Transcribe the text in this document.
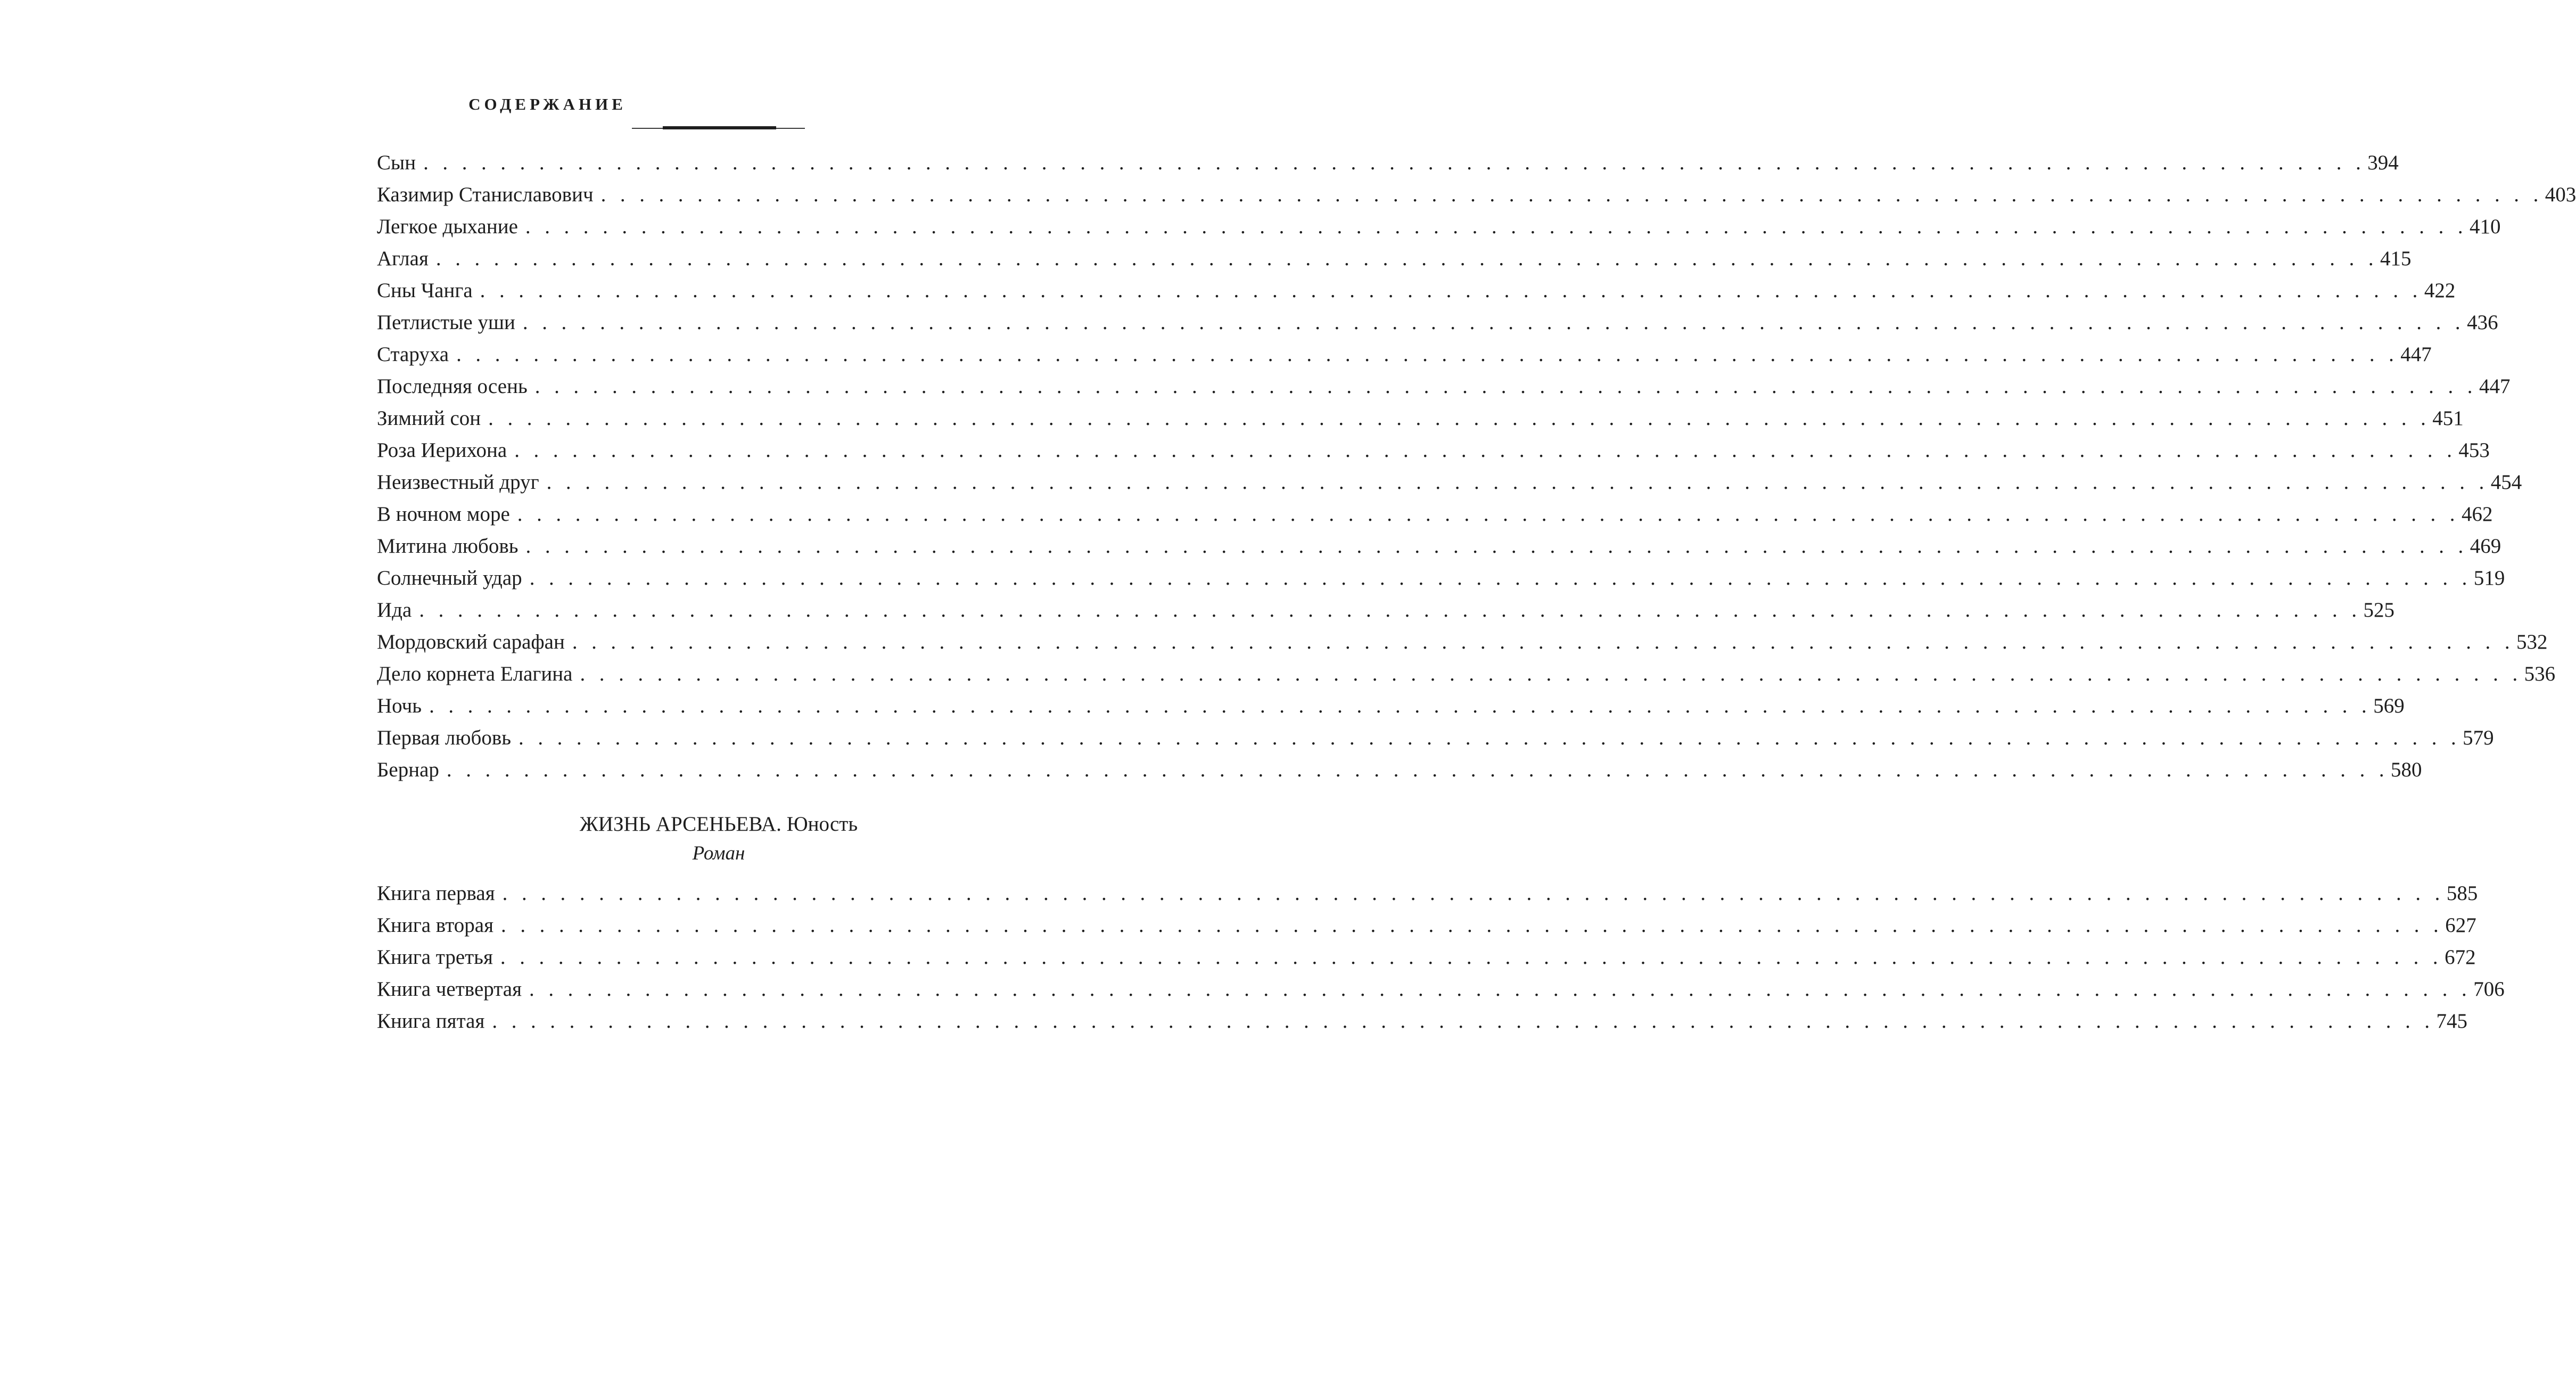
СОДЕРЖАНИЕ
Сын . . . . . . . . . . . . . . . . . . . . . . . . . . . . . . . . . . . . . . . . . . . . . . . . . . . . . . . . . . . . . . . . . . . . . . . . . . . . . . . . . . . . . . . . . . . . . . . . . . . . . 394
Казимир Станиславович . . . . . . . . . . . . . . . . . . . . . . . . . . . . . . . . . . . . . . . . . . . . . . . . . . . . . . . . . . . . . . . . . . . . . . . . . . . . . . . . . . . . . . . . . . . . . . . . . . . . . 403
Легкое дыхание . . . . . . . . . . . . . . . . . . . . . . . . . . . . . . . . . . . . . . . . . . . . . . . . . . . . . . . . . . . . . . . . . . . . . . . . . . . . . . . . . . . . . . . . . . . . . . . . . . . . . 410
Аглая . . . . . . . . . . . . . . . . . . . . . . . . . . . . . . . . . . . . . . . . . . . . . . . . . . . . . . . . . . . . . . . . . . . . . . . . . . . . . . . . . . . . . . . . . . . . . . . . . . . . . 415
Сны Чанга . . . . . . . . . . . . . . . . . . . . . . . . . . . . . . . . . . . . . . . . . . . . . . . . . . . . . . . . . . . . . . . . . . . . . . . . . . . . . . . . . . . . . . . . . . . . . . . . . . . . . 422
Петлистые уши . . . . . . . . . . . . . . . . . . . . . . . . . . . . . . . . . . . . . . . . . . . . . . . . . . . . . . . . . . . . . . . . . . . . . . . . . . . . . . . . . . . . . . . . . . . . . . . . . . . . . 436
Старуха . . . . . . . . . . . . . . . . . . . . . . . . . . . . . . . . . . . . . . . . . . . . . . . . . . . . . . . . . . . . . . . . . . . . . . . . . . . . . . . . . . . . . . . . . . . . . . . . . . . . . 447
Последняя осень . . . . . . . . . . . . . . . . . . . . . . . . . . . . . . . . . . . . . . . . . . . . . . . . . . . . . . . . . . . . . . . . . . . . . . . . . . . . . . . . . . . . . . . . . . . . . . . . . . . . . 447
Зимний сон . . . . . . . . . . . . . . . . . . . . . . . . . . . . . . . . . . . . . . . . . . . . . . . . . . . . . . . . . . . . . . . . . . . . . . . . . . . . . . . . . . . . . . . . . . . . . . . . . . . . . 451
Роза Иерихона . . . . . . . . . . . . . . . . . . . . . . . . . . . . . . . . . . . . . . . . . . . . . . . . . . . . . . . . . . . . . . . . . . . . . . . . . . . . . . . . . . . . . . . . . . . . . . . . . . . . . 453
Неизвестный друг . . . . . . . . . . . . . . . . . . . . . . . . . . . . . . . . . . . . . . . . . . . . . . . . . . . . . . . . . . . . . . . . . . . . . . . . . . . . . . . . . . . . . . . . . . . . . . . . . . . . . 454
В ночном море . . . . . . . . . . . . . . . . . . . . . . . . . . . . . . . . . . . . . . . . . . . . . . . . . . . . . . . . . . . . . . . . . . . . . . . . . . . . . . . . . . . . . . . . . . . . . . . . . . . . . 462
Митина любовь . . . . . . . . . . . . . . . . . . . . . . . . . . . . . . . . . . . . . . . . . . . . . . . . . . . . . . . . . . . . . . . . . . . . . . . . . . . . . . . . . . . . . . . . . . . . . . . . . . . . . 469
Солнечный удар . . . . . . . . . . . . . . . . . . . . . . . . . . . . . . . . . . . . . . . . . . . . . . . . . . . . . . . . . . . . . . . . . . . . . . . . . . . . . . . . . . . . . . . . . . . . . . . . . . . . . 519
Ида . . . . . . . . . . . . . . . . . . . . . . . . . . . . . . . . . . . . . . . . . . . . . . . . . . . . . . . . . . . . . . . . . . . . . . . . . . . . . . . . . . . . . . . . . . . . . . . . . . . . . 525
Мордовский сарафан . . . . . . . . . . . . . . . . . . . . . . . . . . . . . . . . . . . . . . . . . . . . . . . . . . . . . . . . . . . . . . . . . . . . . . . . . . . . . . . . . . . . . . . . . . . . . . . . . . . . . 532
Дело корнета Елагина . . . . . . . . . . . . . . . . . . . . . . . . . . . . . . . . . . . . . . . . . . . . . . . . . . . . . . . . . . . . . . . . . . . . . . . . . . . . . . . . . . . . . . . . . . . . . . . . . . . . . 536
Ночь . . . . . . . . . . . . . . . . . . . . . . . . . . . . . . . . . . . . . . . . . . . . . . . . . . . . . . . . . . . . . . . . . . . . . . . . . . . . . . . . . . . . . . . . . . . . . . . . . . . . . 569
Первая любовь . . . . . . . . . . . . . . . . . . . . . . . . . . . . . . . . . . . . . . . . . . . . . . . . . . . . . . . . . . . . . . . . . . . . . . . . . . . . . . . . . . . . . . . . . . . . . . . . . . . . . 579
Бернар . . . . . . . . . . . . . . . . . . . . . . . . . . . . . . . . . . . . . . . . . . . . . . . . . . . . . . . . . . . . . . . . . . . . . . . . . . . . . . . . . . . . . . . . . . . . . . . . . . . . . 580
ЖИЗНЬ АРСЕНЬЕВА. Юность
Роман
Книга первая . . . . . . . . . . . . . . . . . . . . . . . . . . . . . . . . . . . . . . . . . . . . . . . . . . . . . . . . . . . . . . . . . . . . . . . . . . . . . . . . . . . . . . . . . . . . . . . . . . . . . 585
Книга вторая . . . . . . . . . . . . . . . . . . . . . . . . . . . . . . . . . . . . . . . . . . . . . . . . . . . . . . . . . . . . . . . . . . . . . . . . . . . . . . . . . . . . . . . . . . . . . . . . . . . . . 627
Книга третья . . . . . . . . . . . . . . . . . . . . . . . . . . . . . . . . . . . . . . . . . . . . . . . . . . . . . . . . . . . . . . . . . . . . . . . . . . . . . . . . . . . . . . . . . . . . . . . . . . . . . 672
Книга четвертая . . . . . . . . . . . . . . . . . . . . . . . . . . . . . . . . . . . . . . . . . . . . . . . . . . . . . . . . . . . . . . . . . . . . . . . . . . . . . . . . . . . . . . . . . . . . . . . . . . . . . 706
Книга пятая . . . . . . . . . . . . . . . . . . . . . . . . . . . . . . . . . . . . . . . . . . . . . . . . . . . . . . . . . . . . . . . . . . . . . . . . . . . . . . . . . . . . . . . . . . . . . . . . . . . . . 745
